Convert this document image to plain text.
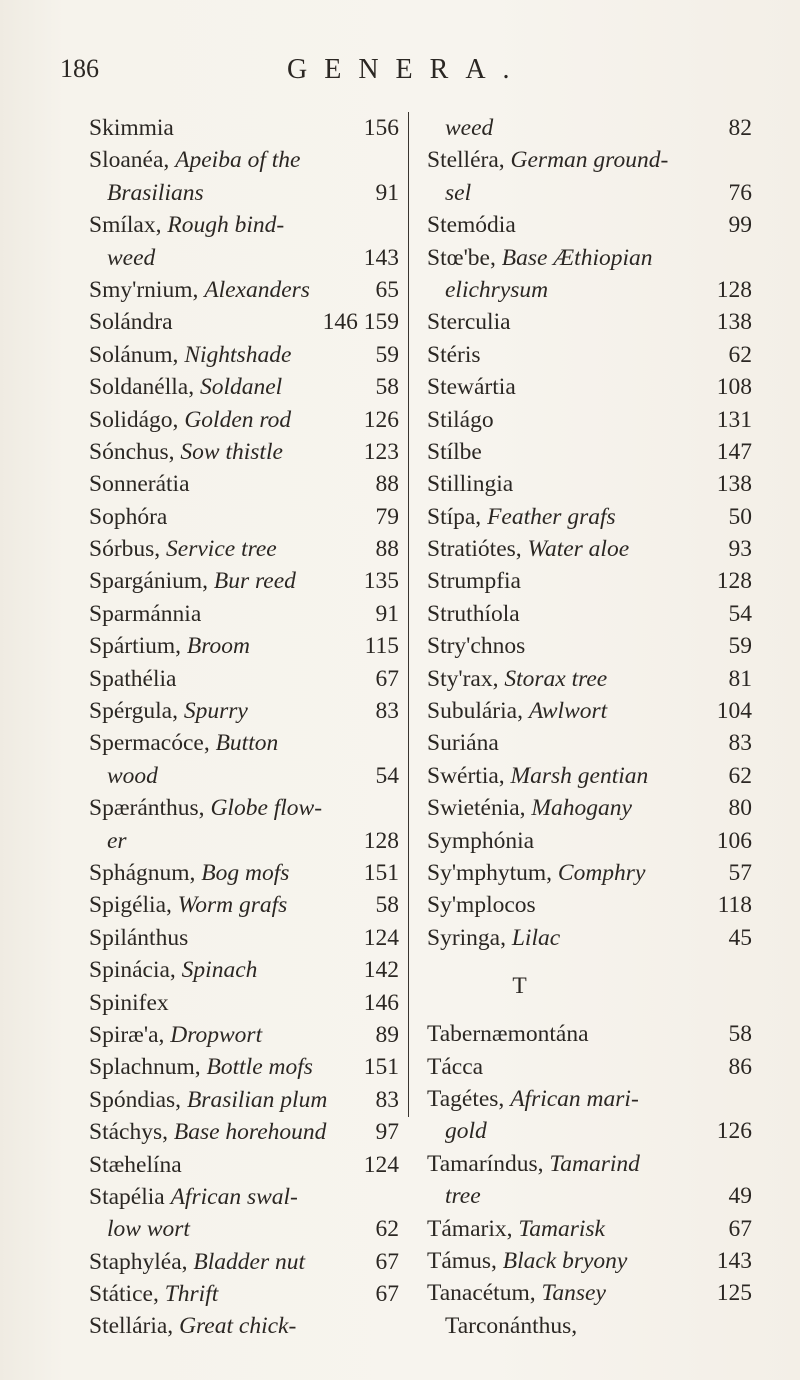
186	GENERA.
Skimmia	156
Sloanéa, Apeiba of the
Brasilians	91
Smílax, Rough bind-
weed	143
Smy'rnium, Alexanders	65
Solándra	146 159
Solánum, Nightshade	59
Soldanélla, Soldanel	58
Solidágo, Golden rod	126
Sónchus, Sow thistle	123
Sonnerátia	88
Sophóra	79
Sórbus, Service tree	88
Spargánium, Bur reed	135
Sparmánnia	91
Spártium, Broom	115
Spathélia	67
Spérgula, Spurry	83
Spermacóce, Button
wood	54
Spæránthus, Globe flow-
er	128
Sphágnum, Bog mofs	151
Spigélia, Worm grafs	58
Spilánthus	124
Spinácia, Spinach	142
Spinifex	146
Spiræ'a, Dropwort	89
Splachnum, Bottle mofs 151
Spóndias, Brasilian plum 83
Stáchys, Base horehound 97
Stæhelína	124
Stapélia African swal-
low wort	62
Staphyléa, Bladder nut	67
Státice, Thrift	67
Stellária, Great chick-
weed	82
Stelléra, German ground-
sel	76
Stemódia	99
Stœ'be, Base Æthiopian
elichrysum	128
Sterculia	138
Stéris	62
Stewártia	108
Stilágo	131
Stílbe	147
Stillingia	138
Stípa, Feather grafs	50
Stratiótes, Water aloe	93
Strumpfia	128
Struthíola	54
Stry'chnos	59
Sty'rax, Storax tree	81
Subulária, Awlwort	104
Suriána	83
Swértia, Marsh gentian	62
Swieténia, Mahogany	80
Symphónia	106
Sy'mphytum, Comphry	57
Sy'mplocos	118
Syringa, Lilac	45
T
Tabernæmontána	58
Tácca	86
Tagétes, African mari-
gold	126
Tamaríndus, Tamarind
tree	49
Támarix, Tamarisk	67
Támus, Black bryony	143
Tanacétum, Tansey	125
Tarconánthus,
